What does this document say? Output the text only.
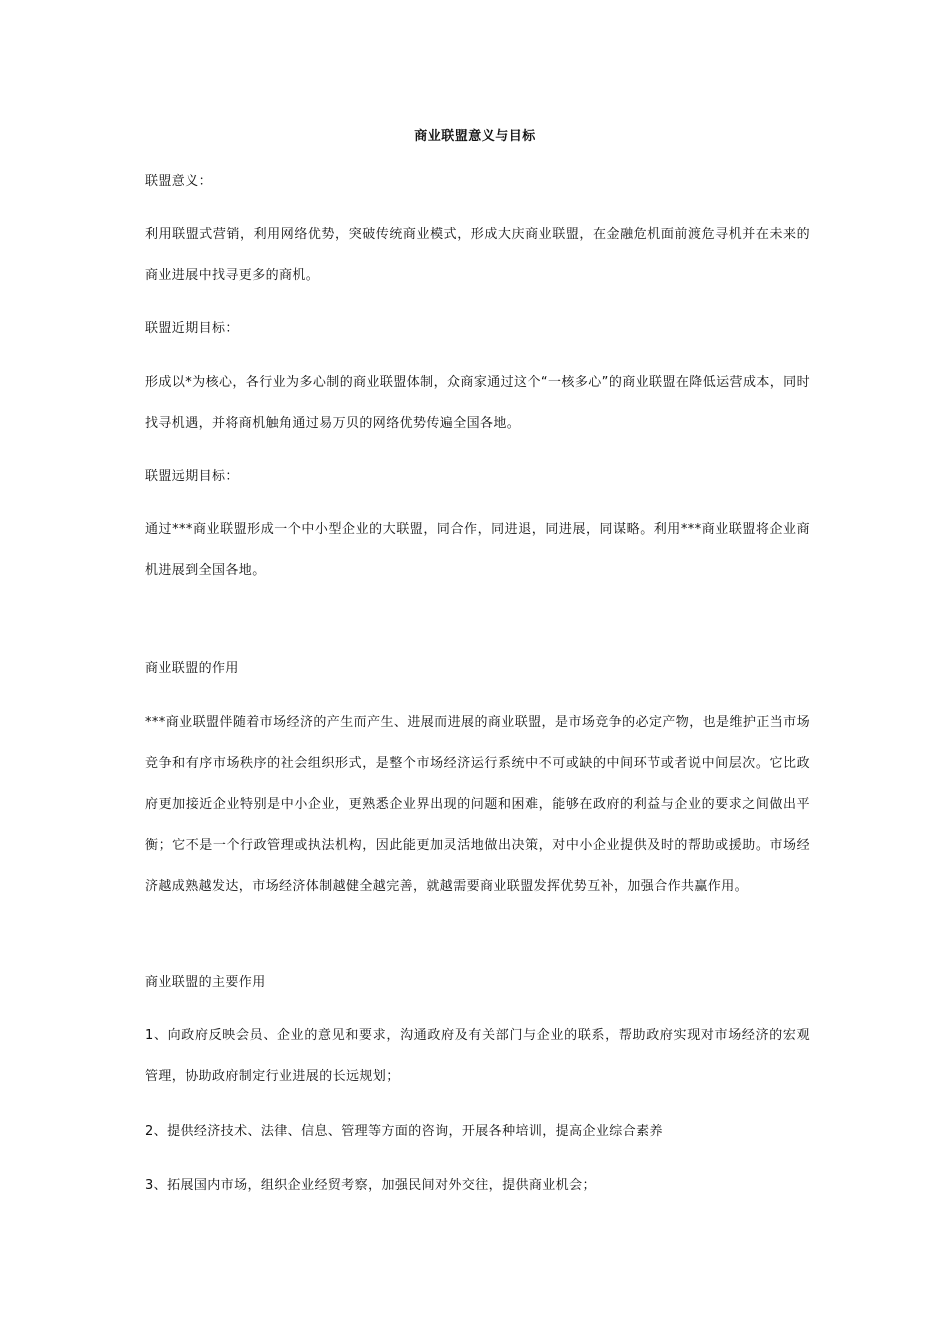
商业联盟意义与目标

联盟意义：

利用联盟式营销，利用网络优势，突破传统商业模式，形成大庆商业联盟，在金融危机面前渡危寻机并在未来的商业进展中找寻更多的商机。

联盟近期目标：

形成以*为核心，各行业为多心制的商业联盟体制，众商家通过这个“一核多心”的商业联盟在降低运营成本，同时找寻机遇，并将商机触角通过易万贝的网络优势传遍全国各地。

联盟远期目标：

通过***商业联盟形成一个中小型企业的大联盟，同合作，同进退，同进展，同谋略。利用***商业联盟将企业商机进展到全国各地。

商业联盟的作用

***商业联盟伴随着市场经济的产生而产生、进展而进展的商业联盟，是市场竞争的必定产物，也是维护正当市场竞争和有序市场秩序的社会组织形式，是整个市场经济运行系统中不可或缺的中间环节或者说中间层次。它比政府更加接近企业特别是中小企业，更熟悉企业界出现的问题和困难，能够在政府的利益与企业的要求之间做出平衡；它不是一个行政管理或执法机构，因此能更加灵活地做出决策，对中小企业提供及时的帮助或援助。市场经济越成熟越发达，市场经济体制越健全越完善，就越需要商业联盟发挥优势互补，加强合作共赢作用。

商业联盟的主要作用

1、向政府反映会员、企业的意见和要求，沟通政府及有关部门与企业的联系，帮助政府实现对市场经济的宏观管理，协助政府制定行业进展的长远规划；

2、提供经济技术、法律、信息、管理等方面的咨询，开展各种培训，提高企业综合素养

3、拓展国内市场，组织企业经贸考察，加强民间对外交往，提供商业机会；
